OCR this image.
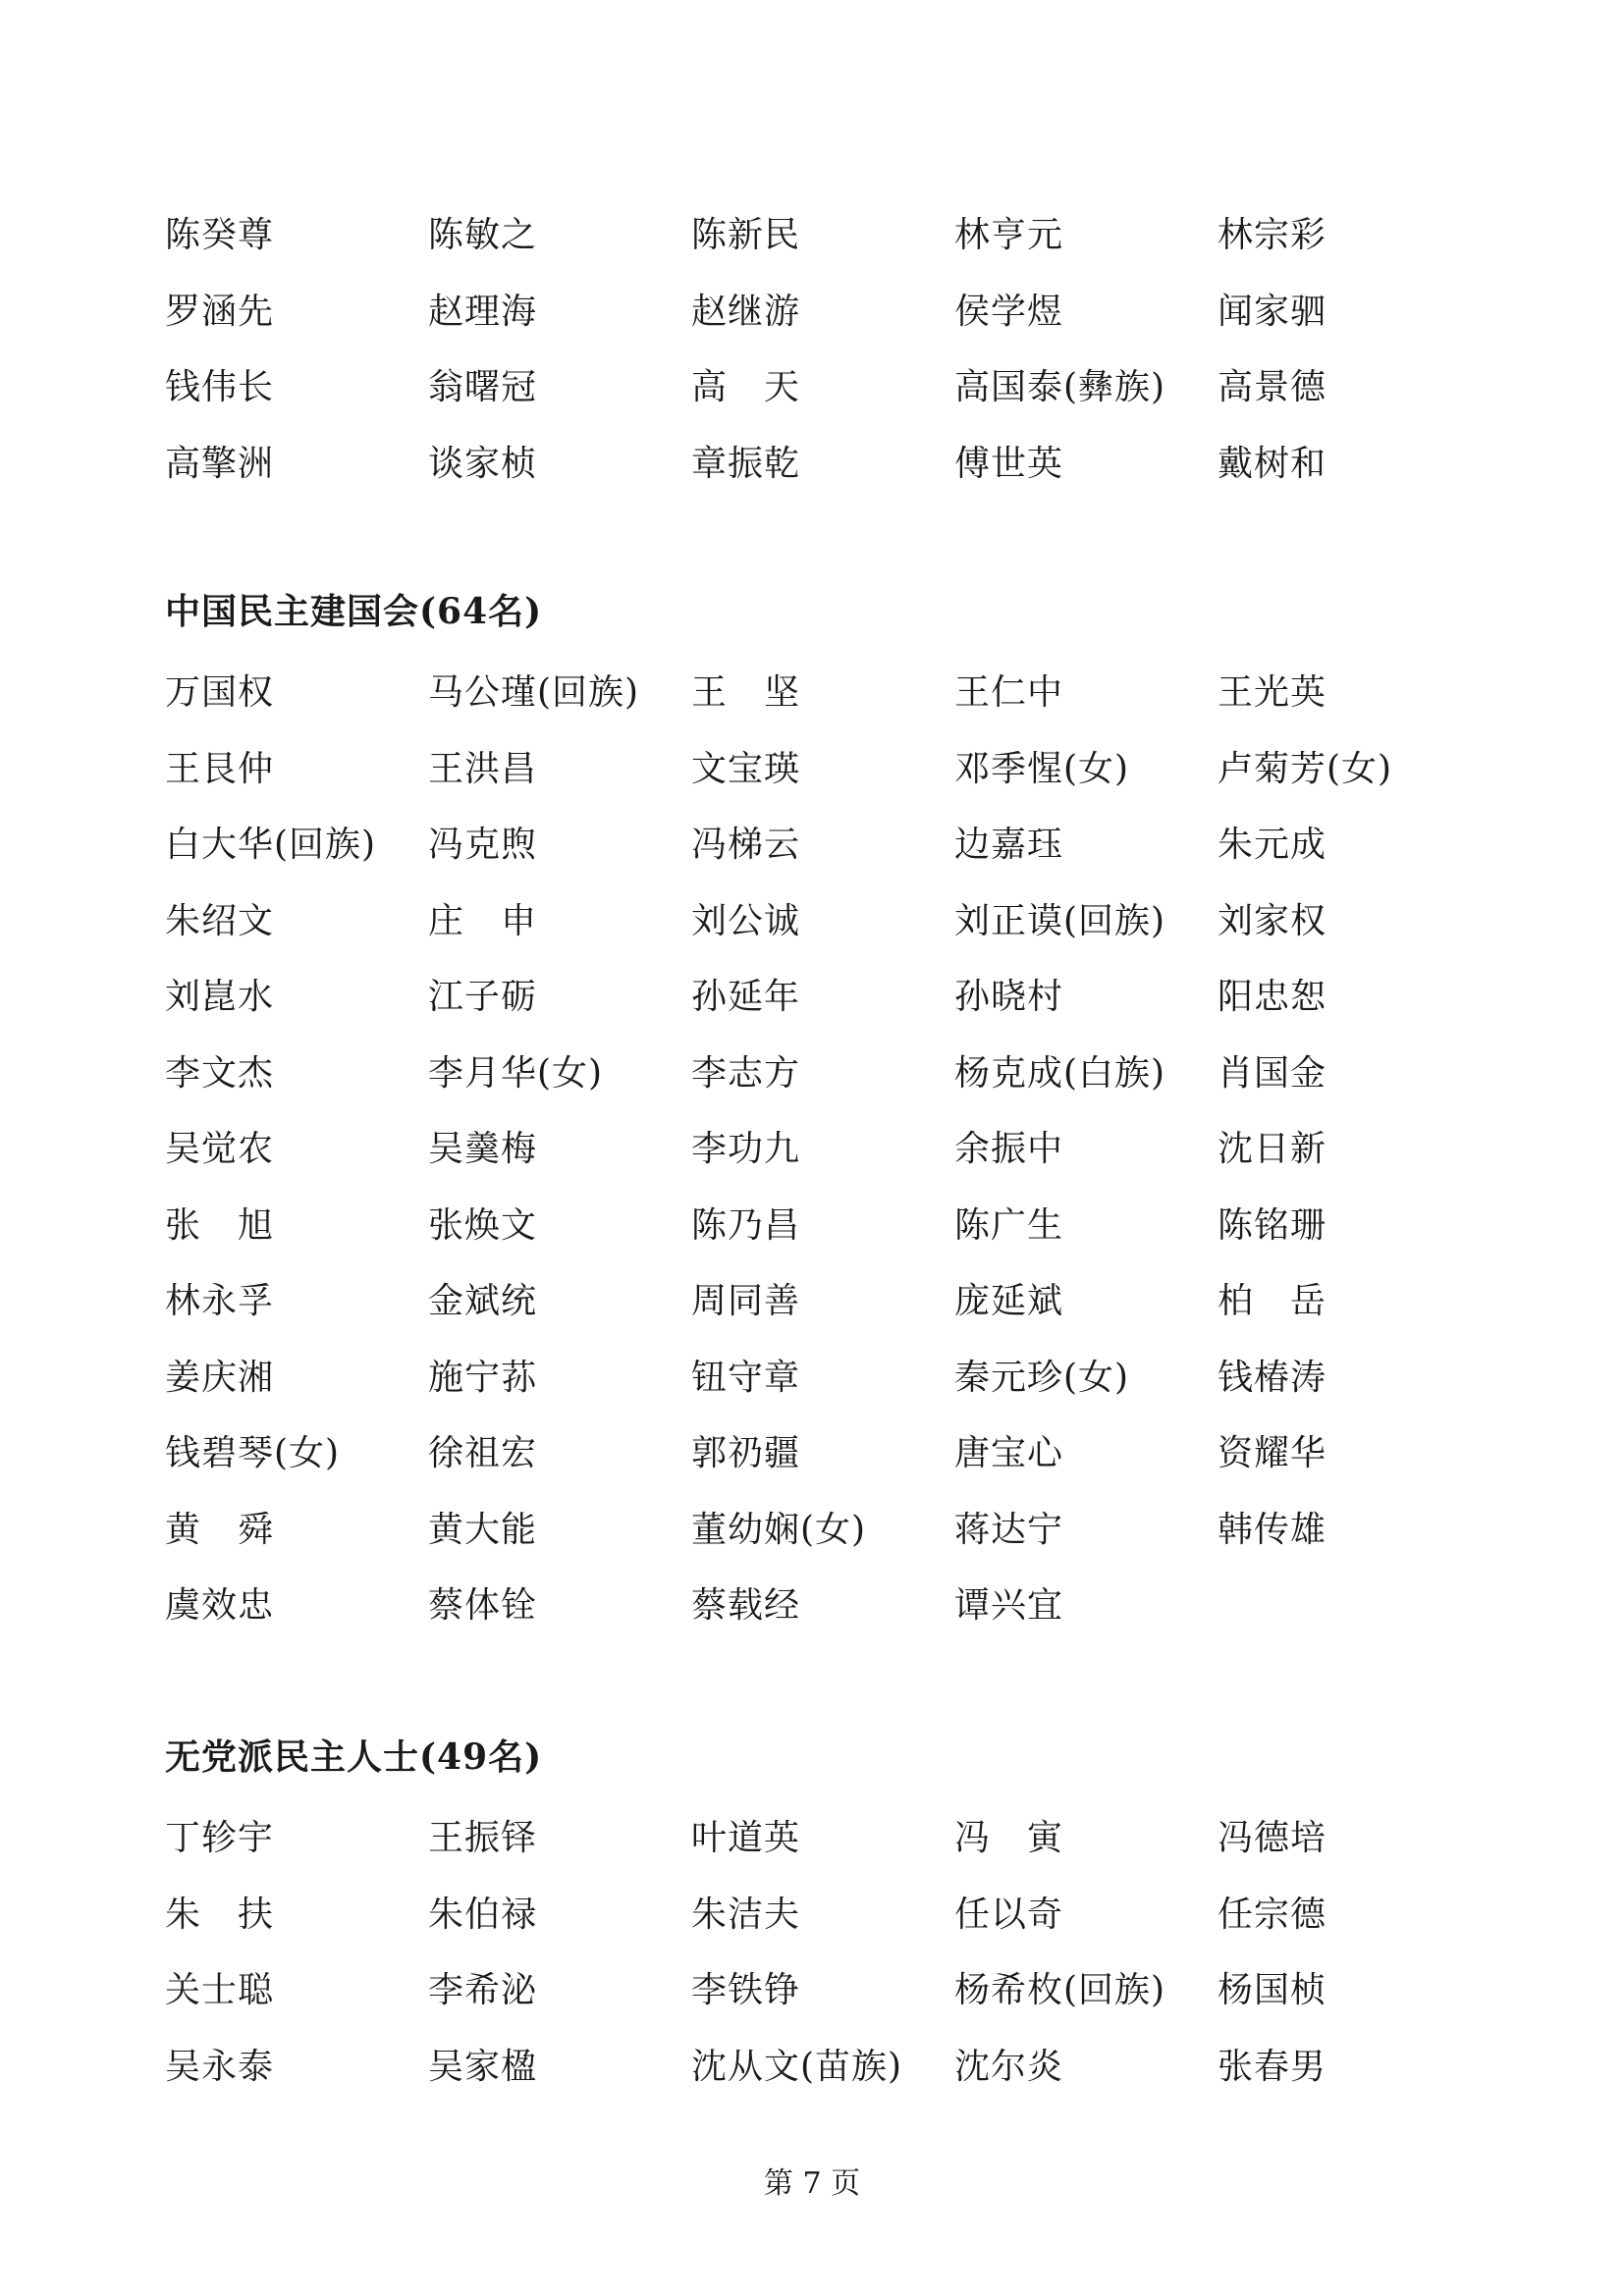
陈癸尊	陈敏之	陈新民	林亨元	林宗彩
罗涵先	赵理海	赵继游	侯学煜	闻家驷
钱伟长	翁曙冠	高　天	高国泰(彝族) 高景德
高擎洲	谈家桢	章振乾	傅世英	戴树和
中国民主建国会(64名)
万国权	马公瑾(回族) 王　坚	王仁中	王光英
王艮仲	王洪昌	文宝瑛	邓季惺(女) 卢菊芳(女)
白大华(回族) 冯克煦	冯梯云	边嘉珏	朱元成
朱绍文	庄　申	刘公诚	刘正谟(回族) 刘家权
刘崑水	江子砺	孙延年	孙晓村	阳忠恕
李文杰	李月华(女) 李志方	杨克成(白族) 肖国金
吴觉农	吴羹梅	李功九	余振中	沈日新
张　旭	张焕文	陈乃昌	陈广生	陈铭珊
林永孚	金斌统	周同善	庞延斌	柏　岳
姜庆湘	施宁荪	钮守章	秦元珍(女) 钱椿涛
钱碧琴(女) 徐祖宏	郭礽疆	唐宝心	资耀华
黄　舜	黄大能	董幼娴(女) 蒋达宁	韩传雄
虞效忠	蔡体铨	蔡载经	谭兴宜
无党派民主人士(49名)
丁轸宇	王振铎	叶道英	冯　寅	冯德培
朱　扶	朱伯禄	朱洁夫	任以奇	任宗德
关士聪	李希泌	李铁铮	杨希枚(回族) 杨国桢
吴永泰	吴家楹	沈从文(苗族) 沈尔炎	张春男
第 7 页
